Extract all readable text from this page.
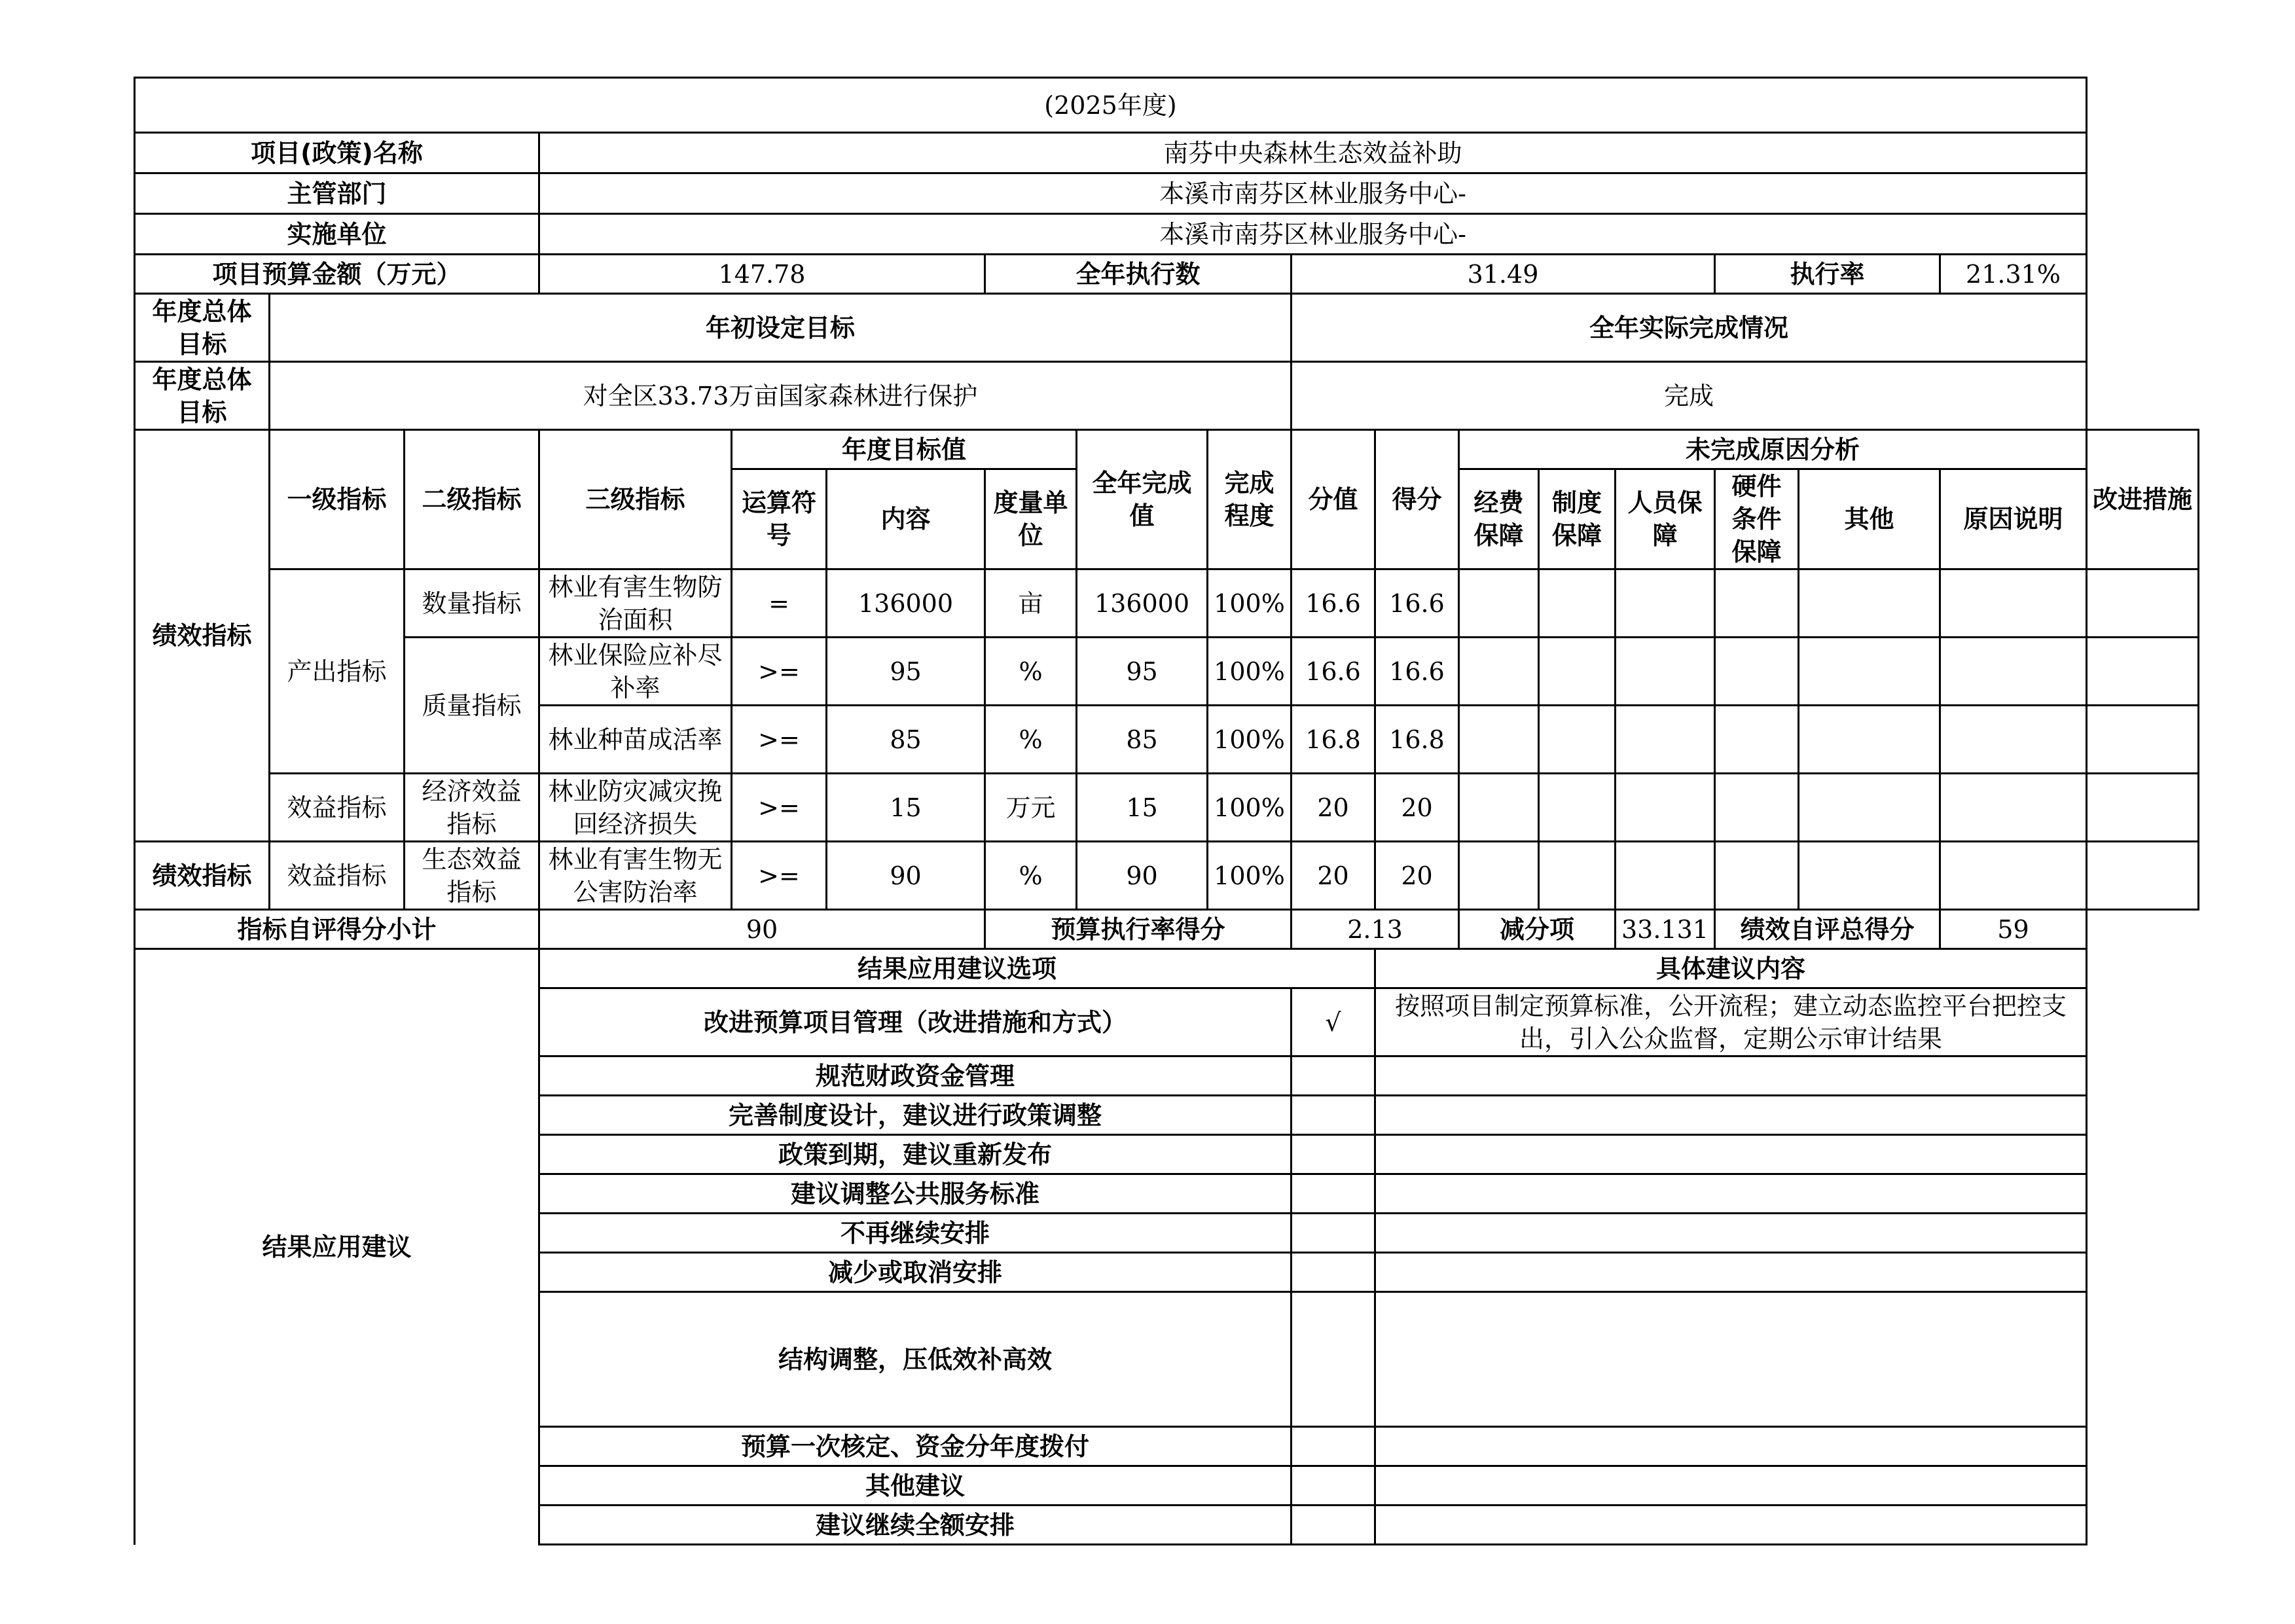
(2025年度)																	
项目(政策)名称			南芬中央森林生态效益补助														
主管部门			本溪市南芬区林业服务中心-														
实施单位			本溪市南芬区林业服务中心-														
项目预算金额（万元）			147.78			全年执行数			31.49					执行率		21.31%	
年度总体目标	年初设定目标								全年实际完成情况								
年度总体目标	对全区33.73万亩国家森林进行保护								完成								
绩效指标	一级指标	二级指标	三级指标	年度目标值			全年完成值	完成程度	分值	得分	未完成原因分析						改进措施
				运算符号	内容	度量单位					经费保障	制度保障	人员保障	硬件条件保障	其他	原因说明	
	产出指标	数量指标	林业有害生物防治面积	=	136000	亩	136000	100%	16.6	16.6							
		质量指标	林业保险应补尽补率	>=	95	%	95	100%	16.6	16.6							
			林业种苗成活率	>=	85	%	85	100%	16.8	16.8							
	效益指标	经济效益指标	林业防灾减灾挽回经济损失	>=	15	万元	15	100%	20	20							
绩效指标	效益指标	生态效益指标	林业有害生物无公害防治率	>=	90	%	90	100%	20	20							
指标自评得分小计			90			预算执行率得分			2.13		减分项		33.131	绩效自评总得分		59	
结果应用建议			结果应用建议选项							具体建议内容							
			改进预算项目管理（改进措施和方式）						√	按照项目制定预算标准，公开流程；建立动态监控平台把控支出，引入公众监督，定期公示审计结果							
			规范财政资金管理														
			完善制度设计，建议进行政策调整														
			政策到期，建议重新发布														
			建议调整公共服务标准														
			不再继续安排														
			减少或取消安排														
			结构调整，压低效补高效														
			预算一次核定、资金分年度拨付														
			其他建议														
			建议继续全额安排														
